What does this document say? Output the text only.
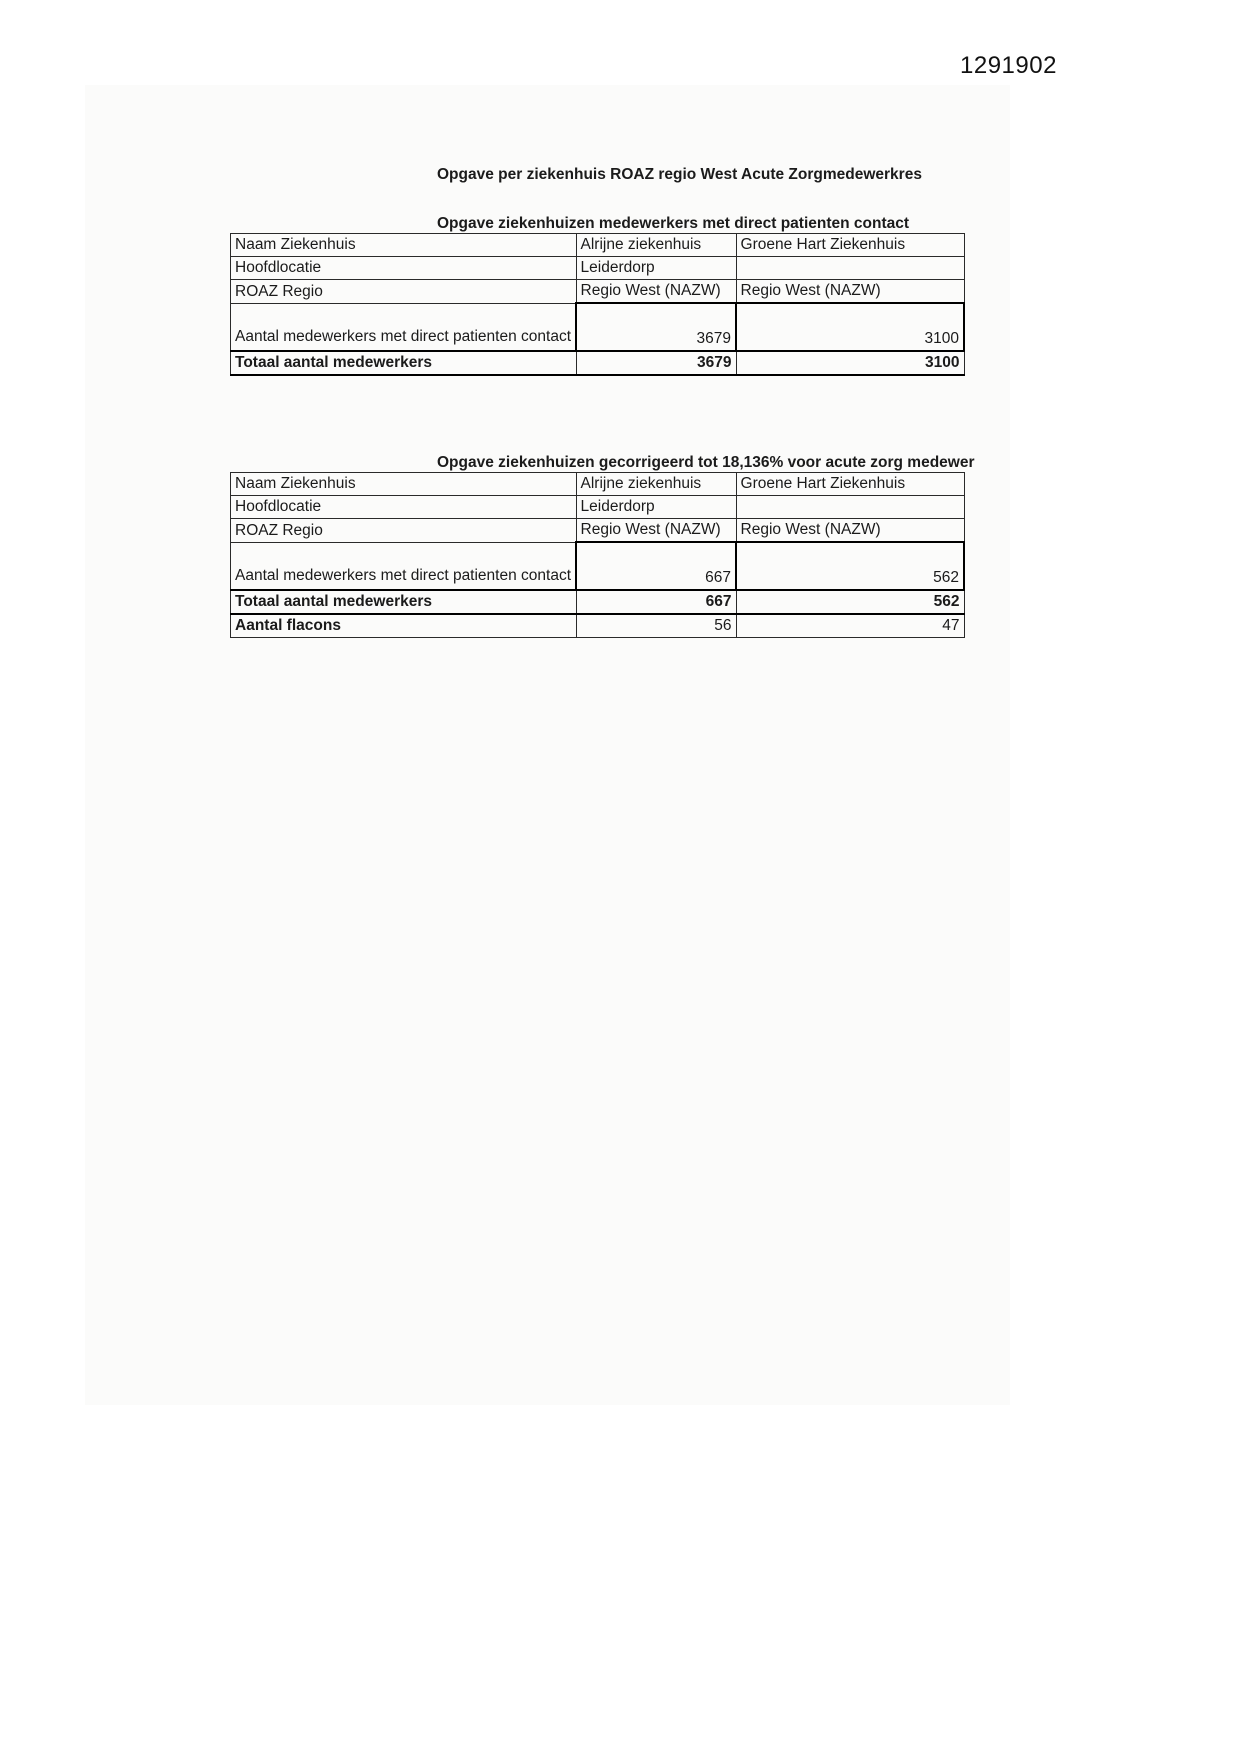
1291902
Opgave per ziekenhuis ROAZ regio West Acute Zorgmedewerkres
Opgave ziekenhuizen medewerkers met direct patienten contact
Naam Ziekenhuis	Alrijne ziekenhuis	Groene Hart Ziekenhuis
Hoofdlocatie	Leiderdorp	
ROAZ Regio	Regio West (NAZW)	Regio West (NAZW)
Aantal medewerkers met direct patienten contact	3679	3100
Totaal aantal medewerkers	3679	3100
Opgave ziekenhuizen gecorrigeerd tot 18,136% voor acute zorg medewer
Naam Ziekenhuis	Alrijne ziekenhuis	Groene Hart Ziekenhuis
Hoofdlocatie	Leiderdorp	
ROAZ Regio	Regio West (NAZW)	Regio West (NAZW)
Aantal medewerkers met direct patienten contact	667	562
Totaal aantal medewerkers	667	562
Aantal flacons	56	47
